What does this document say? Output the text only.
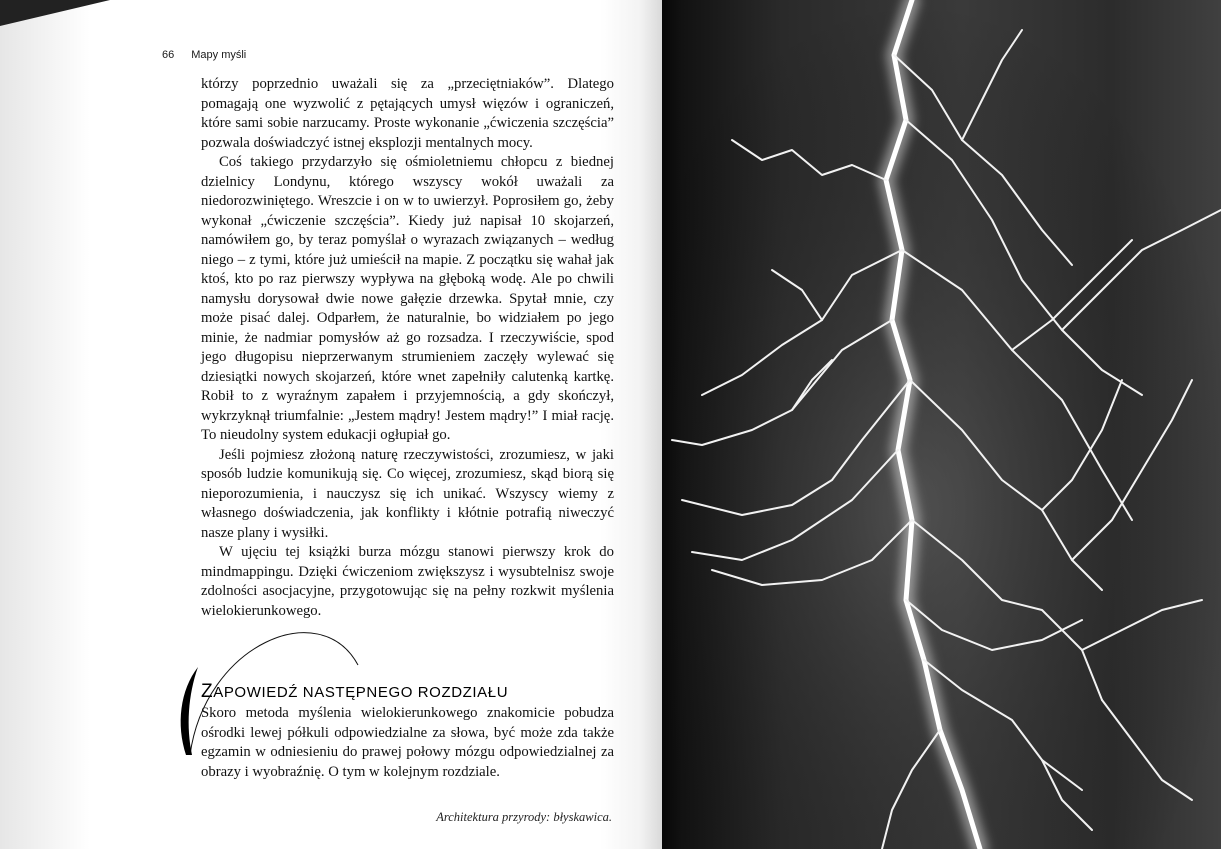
66 Mapy myśli

którzy poprzednio uważali się za „przeciętniaków”. Dlatego pomagają one wyzwolić z pętających umysł więzów i ograniczeń, które sami sobie narzucamy. Proste wykonanie „ćwiczenia szczęścia” pozwala doświadczyć istnej eksplozji mentalnych mocy.

Coś takiego przydarzyło się ośmioletniemu chłopcu z biednej dzielnicy Londynu, którego wszyscy wokół uważali za niedorozwiniętego. Wreszcie i on w to uwierzył. Poprosiłem go, żeby wykonał „ćwiczenie szczęścia”. Kiedy już napisał 10 skojarzeń, namówiłem go, by teraz pomyślał o wyrazach związanych – według niego – z tymi, które już umieścił na mapie. Z początku się wahał jak ktoś, kto po raz pierwszy wypływa na głęboką wodę. Ale po chwili namysłu dorysował dwie nowe gałęzie drzewka. Spytał mnie, czy może pisać dalej. Odparłem, że naturalnie, bo widziałem po jego minie, że nadmiar pomysłów aż go rozsadza. I rzeczywiście, spod jego długopisu nieprzerwanym strumieniem zaczęły wylewać się dziesiątki nowych skojarzeń, które wnet zapełniły calutenką kartkę. Robił to z wyraźnym zapałem i przyjemnością, a gdy skończył, wykrzyknął triumfalnie: „Jestem mądry! Jestem mądry!” I miał rację. To nieudolny system edukacji ogłupiał go.

Jeśli pojmiesz złożoną naturę rzeczywistości, zrozumiesz, w jaki sposób ludzie komunikują się. Co więcej, zrozumiesz, skąd biorą się nieporozumienia, i nauczysz się ich unikać. Wszyscy wiemy z własnego doświadczenia, jak konflikty i kłótnie potrafią niweczyć nasze plany i wysiłki.

W ujęciu tej książki burza mózgu stanowi pierwszy krok do mindmappingu. Dzięki ćwiczeniom zwiększysz i wysubtelnisz swoje zdolności asocjacyjne, przygotowując się na pełny rozkwit myślenia wielokierunkowego.

ZAPOWIEDŹ NASTĘPNEGO ROZDZIAŁU

Skoro metoda myślenia wielokierunkowego znakomicie pobudza ośrodki lewej półkuli odpowiedzialne za słowa, być może zda także egzamin w odniesieniu do prawej połowy mózgu odpowiedzialnej za obrazy i wyobraźnię. O tym w kolejnym rozdziale.

Architektura przyrody: błyskawica.
